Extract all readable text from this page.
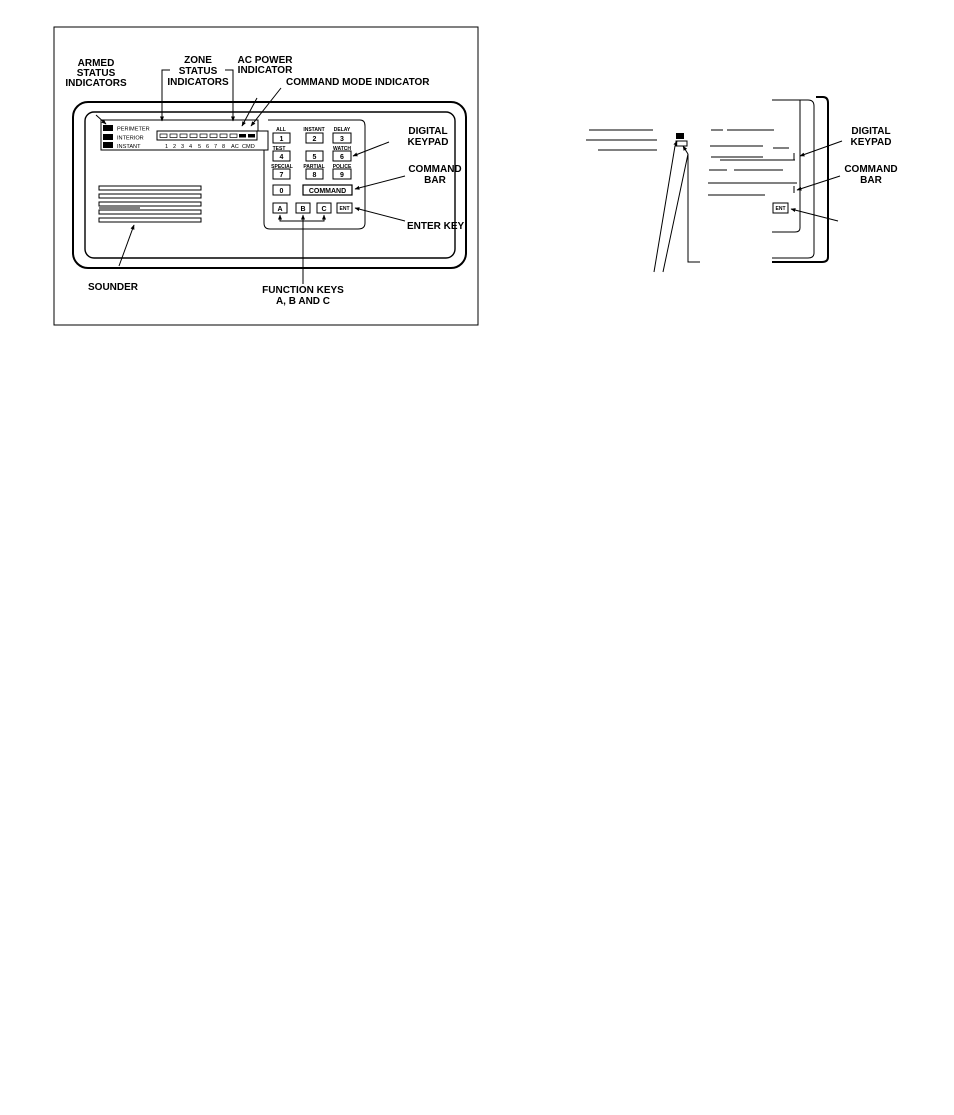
PERIMETER
INTERIOR
INSTANT	1 2 3 4 5 6 7 8 AC CMD
ALL
1
INSTANT
2
DELAY
3
TEST
4	5
WATCH
6
SPECIAL
7
PARTIAL
8
POLICE
9
0	COMMAND
A	B C	ENT
ARMED
STATUS
INDICATORS
ZONE
STATUS
INDICATORS
AC POWER
INDICATOR
COMMAND MODE INDICATOR
DIGITAL
KEYPAD
COMMAND
BAR
ENTER KEY
SOUNDER	FUNCTION KEYS
A, B AND C
ENT
DIGITAL
KEYPAD
COMMAND
BAR
